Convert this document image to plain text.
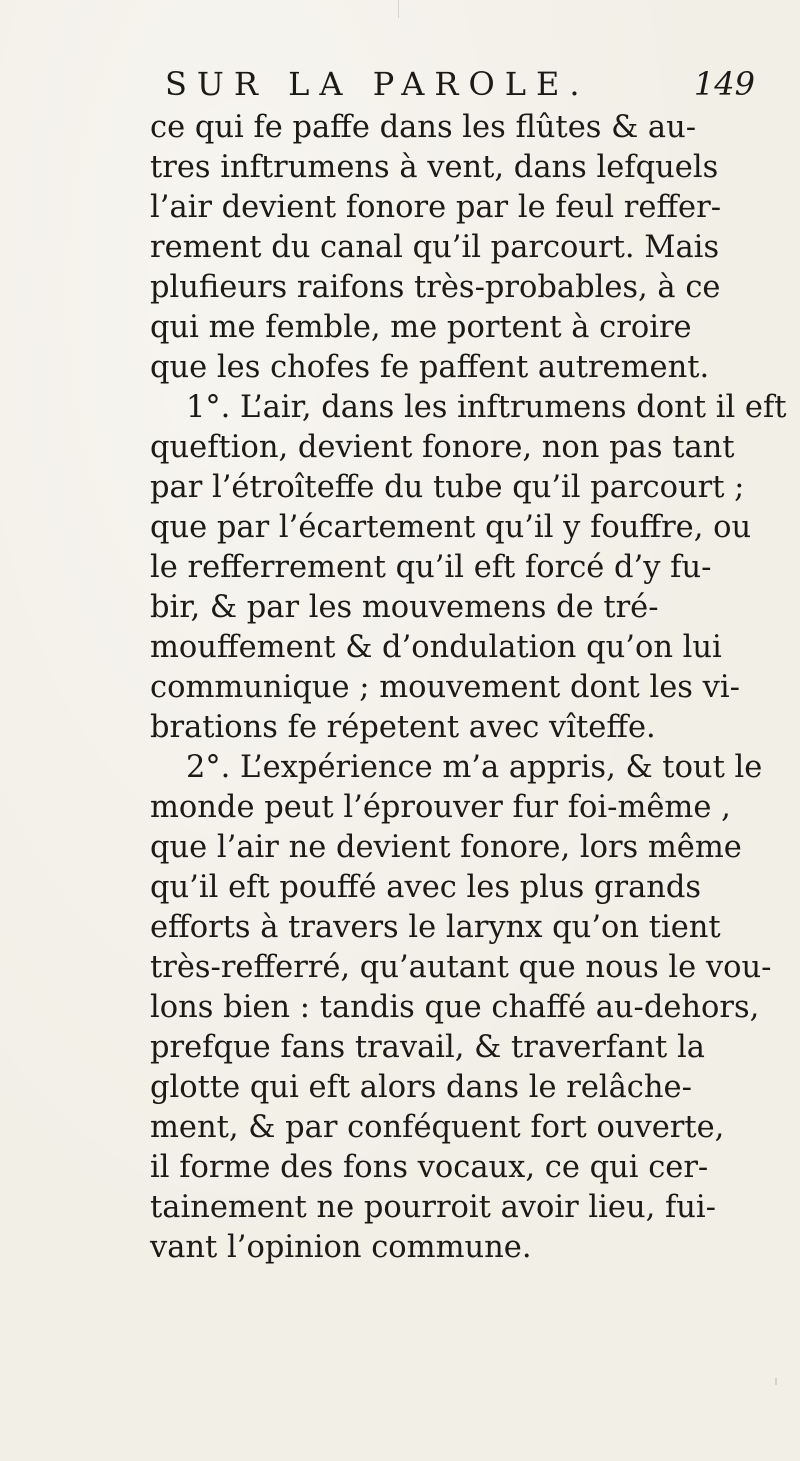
SUR LA PAROLE.	149
ce qui fe paffe dans les flûtes & au-
tres inftrumens à vent, dans lefquels
l’air devient fonore par le feul reffer-
rement du canal qu’il parcourt. Mais
plufieurs raifons très-probables, à ce
qui me femble, me portent à croire
que les chofes fe paffent autrement.
1°. L’air, dans les inftrumens dont il eft
queftion, devient fonore, non pas tant
par l’étroîteffe du tube qu’il parcourt ;
que par l’écartement qu’il y fouffre, ou
le refferrement qu’il eft forcé d’y fu-
bir, & par les mouvemens de tré-
mouffement & d’ondulation qu’on lui
communique ; mouvement dont les vi-
brations fe répetent avec vîteffe.
2°. L’expérience m’a appris, & tout le
monde peut l’éprouver fur foi-même ,
que l’air ne devient fonore, lors même
qu’il eft pouffé avec les plus grands
efforts à travers le larynx qu’on tient
très-refferré, qu’autant que nous le vou-
lons bien : tandis que chaffé au-dehors,
prefque fans travail, & traverfant la
glotte qui eft alors dans le relâche-
ment, & par conféquent fort ouverte,
il forme des fons vocaux, ce qui cer-
tainement ne pourroit avoir lieu, fui-
vant l’opinion commune.
